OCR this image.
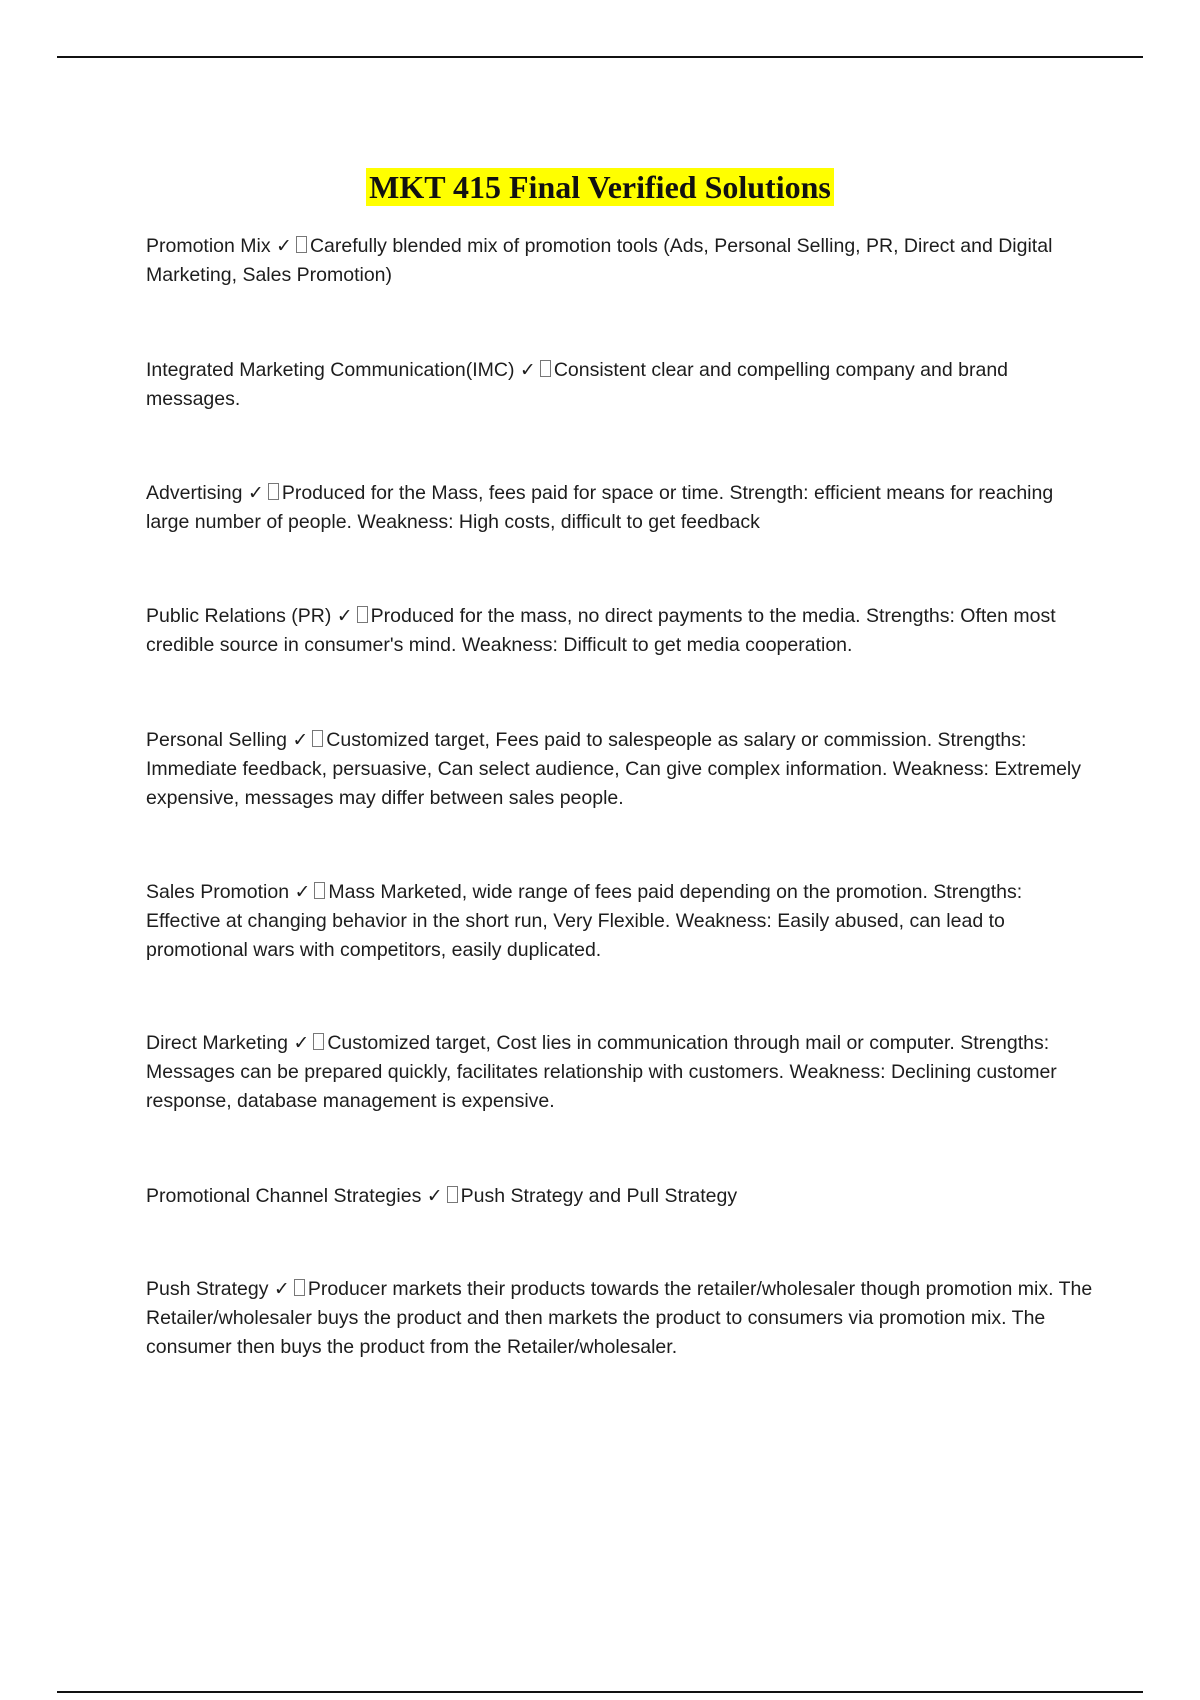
MKT 415 Final Verified Solutions
Promotion Mix ✓ Carefully blended mix of promotion tools (Ads, Personal Selling, PR, Direct and Digital Marketing, Sales Promotion)
Integrated Marketing Communication(IMC) ✓ Consistent clear and compelling company and brand messages.
Advertising ✓ Produced for the Mass, fees paid for space or time. Strength: efficient means for reaching large number of people. Weakness: High costs, difficult to get feedback
Public Relations (PR) ✓ Produced for the mass, no direct payments to the media. Strengths: Often most credible source in consumer's mind. Weakness: Difficult to get media cooperation.
Personal Selling ✓ Customized target, Fees paid to salespeople as salary or commission. Strengths: Immediate feedback, persuasive, Can select audience, Can give complex information. Weakness: Extremely expensive, messages may differ between sales people.
Sales Promotion ✓ Mass Marketed, wide range of fees paid depending on the promotion. Strengths: Effective at changing behavior in the short run, Very Flexible. Weakness: Easily abused, can lead to promotional wars with competitors, easily duplicated.
Direct Marketing ✓ Customized target, Cost lies in communication through mail or computer. Strengths: Messages can be prepared quickly, facilitates relationship with customers. Weakness: Declining customer response, database management is expensive.
Promotional Channel Strategies ✓ Push Strategy and Pull Strategy
Push Strategy ✓ Producer markets their products towards the retailer/wholesaler though promotion mix. The Retailer/wholesaler buys the product and then markets the product to consumers via promotion mix. The consumer then buys the product from the Retailer/wholesaler.
